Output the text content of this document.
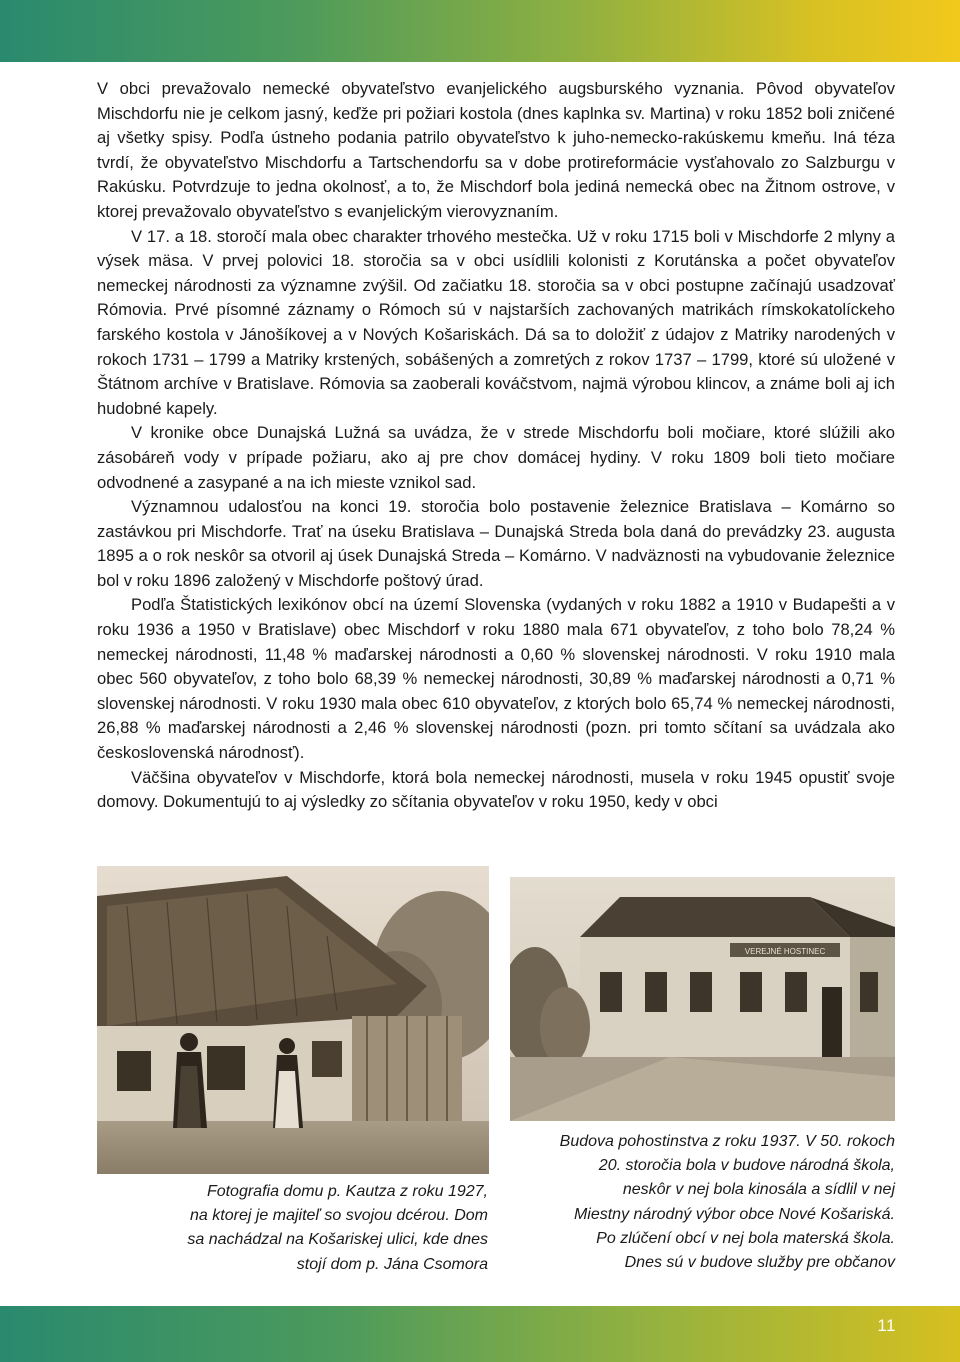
V obci prevažovalo nemecké obyvateľstvo evanjelického augsburského vyznania. Pôvod obyvateľov Mischdorfu nie je celkom jasný, keďže pri požiari kostola (dnes kaplnka sv. Martina) v roku 1852 boli zničené aj všetky spisy. Podľa ústneho podania patrilo obyvateľstvo k juho-nemecko-rakúskemu kmeňu. Iná téza tvrdí, že obyvateľstvo Mischdorfu a Tartschendorfu sa v dobe protireformácie vysťahovalo zo Salzburgu v Rakúsku. Potvrdzuje to jedna okolnosť, a to, že Mischdorf bola jediná nemecká obec na Žitnom ostrove, v ktorej prevažovalo obyvateľstvo s evanjelickým vierovyznaním.

V 17. a 18. storočí mala obec charakter trhového mestečka. Už v roku 1715 boli v Mischdorfe 2 mlyny a výsek mäsa. V prvej polovici 18. storočia sa v obci usídlili kolonisti z Korutánska a počet obyvateľov nemeckej národnosti za významne zvýšil. Od začiatku 18. storočia sa v obci postupne začínajú usadzovať Rómovia. Prvé písomné záznamy o Rómoch sú v najstarších zachovaných matrikách rímskokatolíckeho farského kostola v Jánošíkovej a v Nových Košariskách. Dá sa to doložiť z údajov z Matriky narodených v rokoch 1731 – 1799 a Matriky krstených, sobášených a zomretých z rokov 1737 – 1799, ktoré sú uložené v Štátnom archíve v Bratislave. Rómovia sa zaoberali kováčstvom, najmä výrobou klincov, a známe boli aj ich hudobné kapely.

V kronike obce Dunajská Lužná sa uvádza, že v strede Mischdorfu boli močiare, ktoré slúžili ako zásobáreň vody v prípade požiaru, ako aj pre chov domácej hydiny. V roku 1809 boli tieto močiare odvodnené a zasypané a na ich mieste vznikol sad.

Významnou udalosťou na konci 19. storočia bolo postavenie železnice Bratislava – Komárno so zastávkou pri Mischdorfe. Trať na úseku Bratislava – Dunajská Streda bola daná do prevádzky 23. augusta 1895 a o rok neskôr sa otvoril aj úsek Dunajská Streda – Komárno. V nadväznosti na vybudovanie železnice bol v roku 1896 založený v Mischdorfe poštový úrad.

Podľa Štatistických lexikónov obcí na území Slovenska (vydaných v roku 1882 a 1910 v Budapešti a v roku 1936 a 1950 v Bratislave) obec Mischdorf v roku 1880 mala 671 obyvateľov, z toho bolo 78,24 % nemeckej národnosti, 11,48 % maďarskej národnosti a 0,60 % slovenskej národnosti. V roku 1910 mala obec 560 obyvateľov, z toho bolo 68,39 % nemeckej národnosti, 30,89 % maďarskej národnosti a 0,71 % slovenskej národnosti. V roku 1930 mala obec 610 obyvateľov, z ktorých bolo 65,74 % nemeckej národnosti, 26,88 % maďarskej národnosti a 2,46 % slovenskej národnosti (pozn. pri tomto sčítaní sa uvádzala ako československá národnosť).

Väčšina obyvateľov v Mischdorfe, ktorá bola nemeckej národnosti, musela v roku 1945 opustiť svoje domovy. Dokumentujú to aj výsledky zo sčítania obyvateľov v roku 1950, kedy v obci

VEREJNÉ HOSTINEC
Fotografia domu p. Kautza z roku 1927,
na ktorej je majiteľ so svojou dcérou. Dom
sa nachádzal na Košariskej ulici, kde dnes
stojí dom p. Jána Csomora
Budova pohostinstva z roku 1937. V 50. rokoch
20. storočia bola v budove národná škola,
neskôr v nej bola kinosála a sídlil v nej
Miestny národný výbor obce Nové Košariská.
Po zlúčení obcí v nej bola materská škola.
Dnes sú v budove služby pre občanov
11
